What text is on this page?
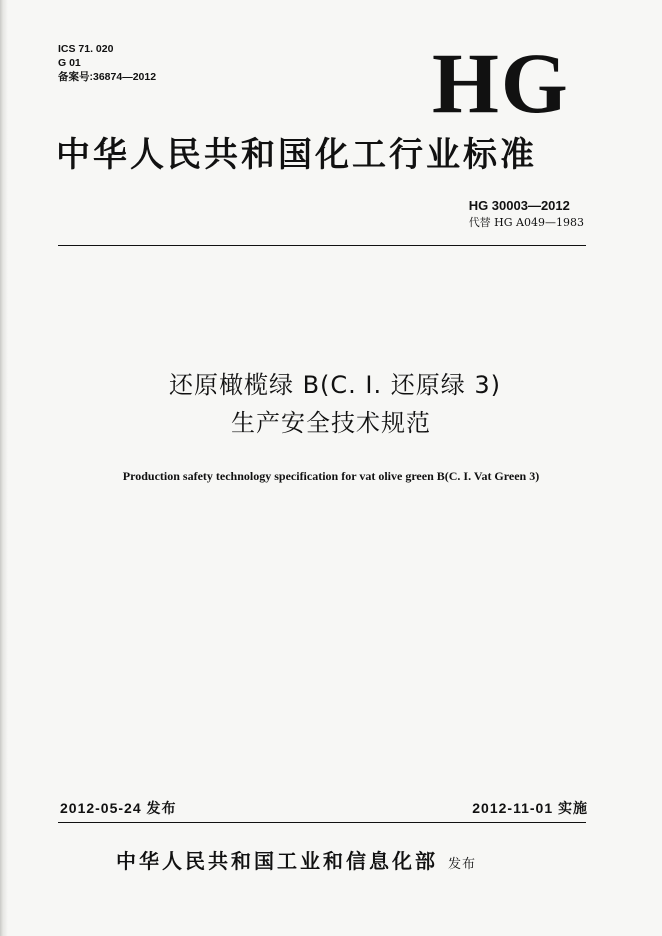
ICS 71. 020
G 01
备案号:36874—2012	HG
中华人民共和国化工行业标准
HG 30003—2012
代替 HG A049—1983
还原橄榄绿 B(C. I. 还原绿 3)
生产安全技术规范
Production safety technology specification for vat olive green B(C. I. Vat Green 3)
2012-05-24 发布	2012-11-01 实施
中华人民共和国工业和信息化部 发布
